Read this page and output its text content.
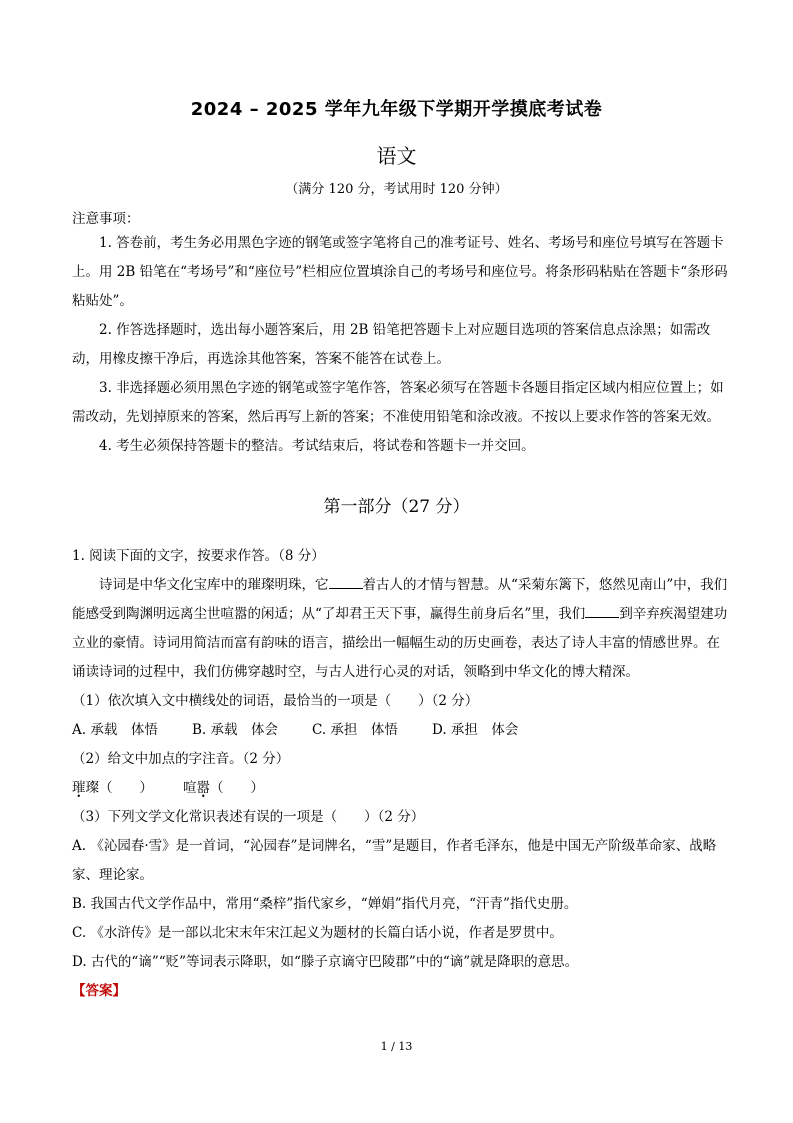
2024 – 2025 学年九年级下学期开学摸底考试卷
语文
（满分 120 分，考试用时 120 分钟）
注意事项：

1. 答卷前，考生务必用黑色字迹的钢笔或签字笔将自己的准考证号、姓名、考场号和座位号填写在答题卡上。用 2B 铅笔在“考场号”和“座位号”栏相应位置填涂自己的考场号和座位号。将条形码粘贴在答题卡“条形码粘贴处”。

2. 作答选择题时，选出每小题答案后，用 2B 铅笔把答题卡上对应题目选项的答案信息点涂黑；如需改动，用橡皮擦干净后，再选涂其他答案，答案不能答在试卷上。

3. 非选择题必须用黑色字迹的钢笔或签字笔作答，答案必须写在答题卡各题目指定区域内相应位置上；如需改动，先划掉原来的答案，然后再写上新的答案；不准使用铅笔和涂改液。不按以上要求作答的答案无效。

4. 考生必须保持答题卡的整洁。考试结束后，将试卷和答题卡一并交回。

第一部分（27 分）

1. 阅读下面的文字，按要求作答。（8 分）

诗词是中华文化宝库中的璀璨明珠，它	着古人的才情与智慧。从“采菊东篱下，悠然见南山”中，我们能感受到陶渊明远离尘世喧嚣的闲适；从“了却君王天下事，赢得生前身后名”里，我们	到辛弃疾渴望建功立业的豪情。诗词用简洁而富有韵味的语言，描绘出一幅幅生动的历史画卷，表达了诗人丰富的情感世界。在诵读诗词的过程中，我们仿佛穿越时空，与古人进行心灵的对话，领略到中华文化的博大精深。

（1）依次填入文中横线处的词语，最恰当的一项是（　　）（2 分）

A. 承载　体悟	B. 承载　体会	C. 承担　体悟	D. 承担　体会

（2）给文中加点的字注音。（2 分）

璀璨（　　） 喧嚣（　　）

（3）下列文学文化常识表述有误的一项是（　　）（2 分）

A. 《沁园春·雪》是一首词，“沁园春”是词牌名，“雪”是题目，作者毛泽东，他是中国无产阶级革命家、战略家、理论家。

B. 我国古代文学作品中，常用“桑梓”指代家乡，“婵娟”指代月亮，“汗青”指代史册。

C. 《水浒传》是一部以北宋末年宋江起义为题材的长篇白话小说，作者是罗贯中。

D. 古代的“谪”“贬”等词表示降职，如“滕子京谪守巴陵郡”中的“谪”就是降职的意思。

【答案】

1 / 13
